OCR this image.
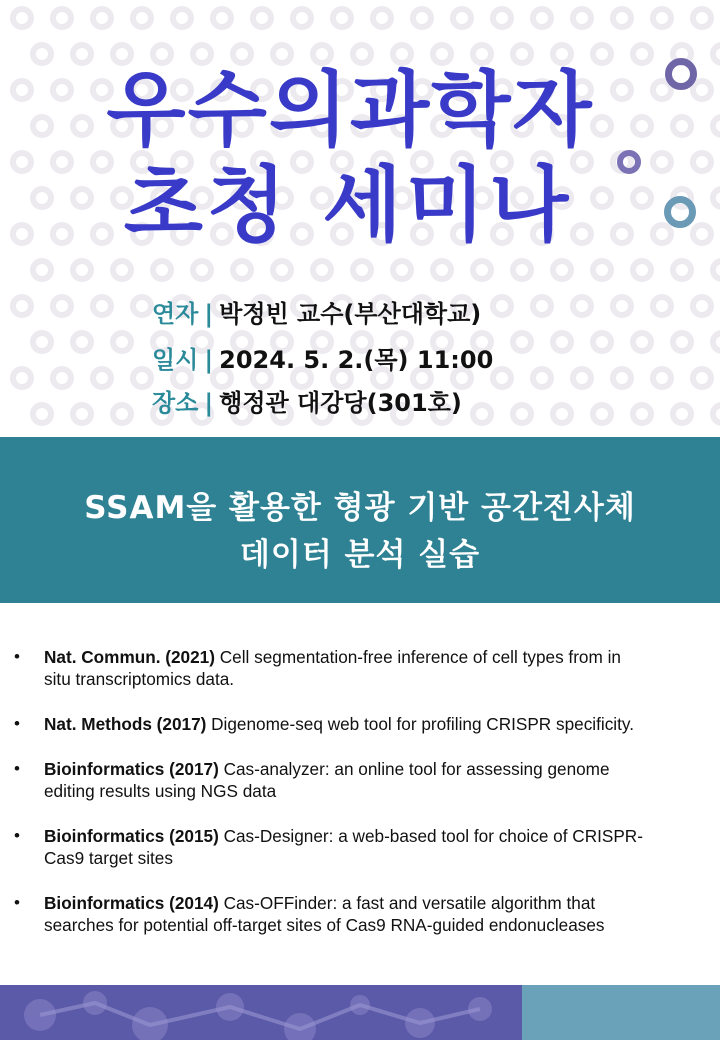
우수의과학자
초청 세미나
연자 | 박정빈 교수(부산대학교)
일시 | 2024. 5. 2.(목) 11:00
장소 | 행정관 대강당(301호)
SSAM을 활용한 형광 기반 공간전사체
데이터 분석 실습
• Nat. Commun. (2021) Cell segmentation-free inference of cell types from in
situ transcriptomics data.
• Nat. Methods (2017) Digenome-seq web tool for profiling CRISPR specificity.
• Bioinformatics (2017) Cas-analyzer: an online tool for assessing genome
editing results using NGS data
• Bioinformatics (2015) Cas-Designer: a web-based tool for choice of CRISPR-
Cas9 target sites
• Bioinformatics (2014) Cas-OFFinder: a fast and versatile algorithm that
searches for potential off-target sites of Cas9 RNA-guided endonucleases
